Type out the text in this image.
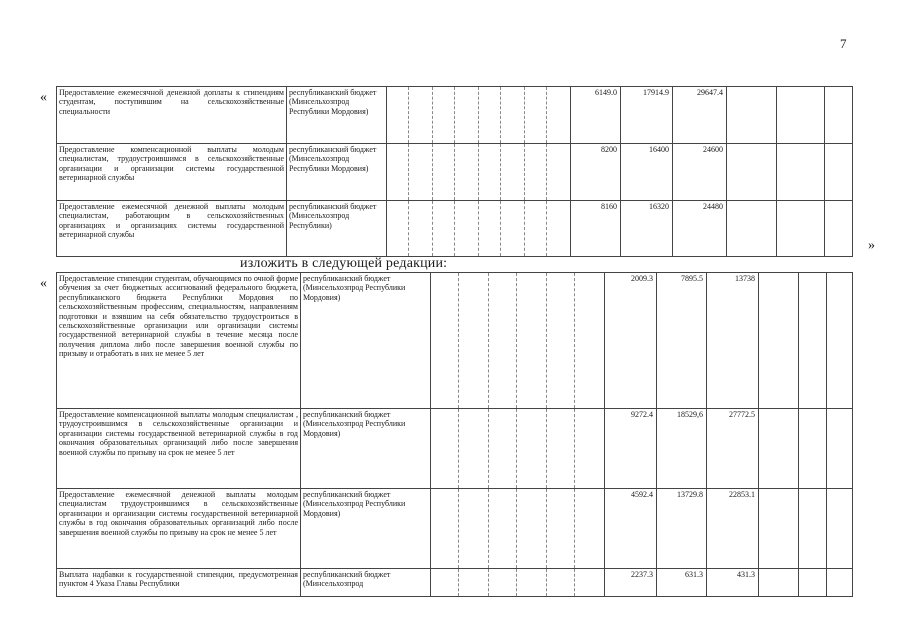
7
«
»
изложить в следующей редакции:
«
Предоставление ежемесячной денежной доплаты к стипендиям студентам, поступившим на сельскохозяйственные специальности	республиканский бюджет (Минсельхозпрод Республики Мордовия)									6149.0	17914.9	29647.4			
Предоставление компенсационной выплаты молодым специалистам, трудоустроившимся в сельскохозяйственные организации и организации системы государственной ветеринарной службы	республиканский бюджет (Минсельхозпрод Республики Мордовия)									8200	16400	24600			
Предоставление ежемесячной денежной выплаты молодым специалистам, работающим в сельскохозяйственных организациях и организациях системы государственной ветеринарной службы	республиканский бюджет (Минсельхозпрод Республики)									8160	16320	24480			
Предоставление стипендии студентам, обучающимся по очной форме обучения за счет бюджетных ассигнований федерального бюджета, республиканского бюджета Республики Мордовия по сельскохозяйственным профессиям, специальностям, направлениям подготовки и взявшим на себя обязательство трудоустроиться в сельскохозяйственные организации или организации системы государственной ветеринарной службы в течение месяца после получения диплома либо после завершения военной службы по призыву и отработать в них не менее 5 лет	республиканский бюджет (Минсельхозпрод Республики Мордовия)							2009.3	7895.5	13738			
Предоставление компенсационной выплаты молодым специалистам , трудоустроившимся в сельскохозяйственные организации и организации системы государственной ветеринарной службы в год окончания образовательных организаций либо после завершения военной службы по призыву на срок не менее 5 лет	республиканский бюджет (Минсельхозпрод Республики Мордовия)							9272.4	18529,6	27772.5			
Предоставление ежемесячной денежной выплаты молодым специалистам трудоустроившимся в сельскохозяйственные организации и организации системы государственной ветеринарной службы в год окончания образовательных организаций либо после завершения военной службы по призыву на срок не менее 5 лет	республиканский бюджет (Минсельхозпрод Республики Мордовия)							4592.4	13729.8	22853.1			
Выплата надбавки к государственной стипендии, предусмотренная пунктом 4 Указа Главы Республики	республиканский бюджет (Минсельхозпрод							2237.3	631.3	431.3			
